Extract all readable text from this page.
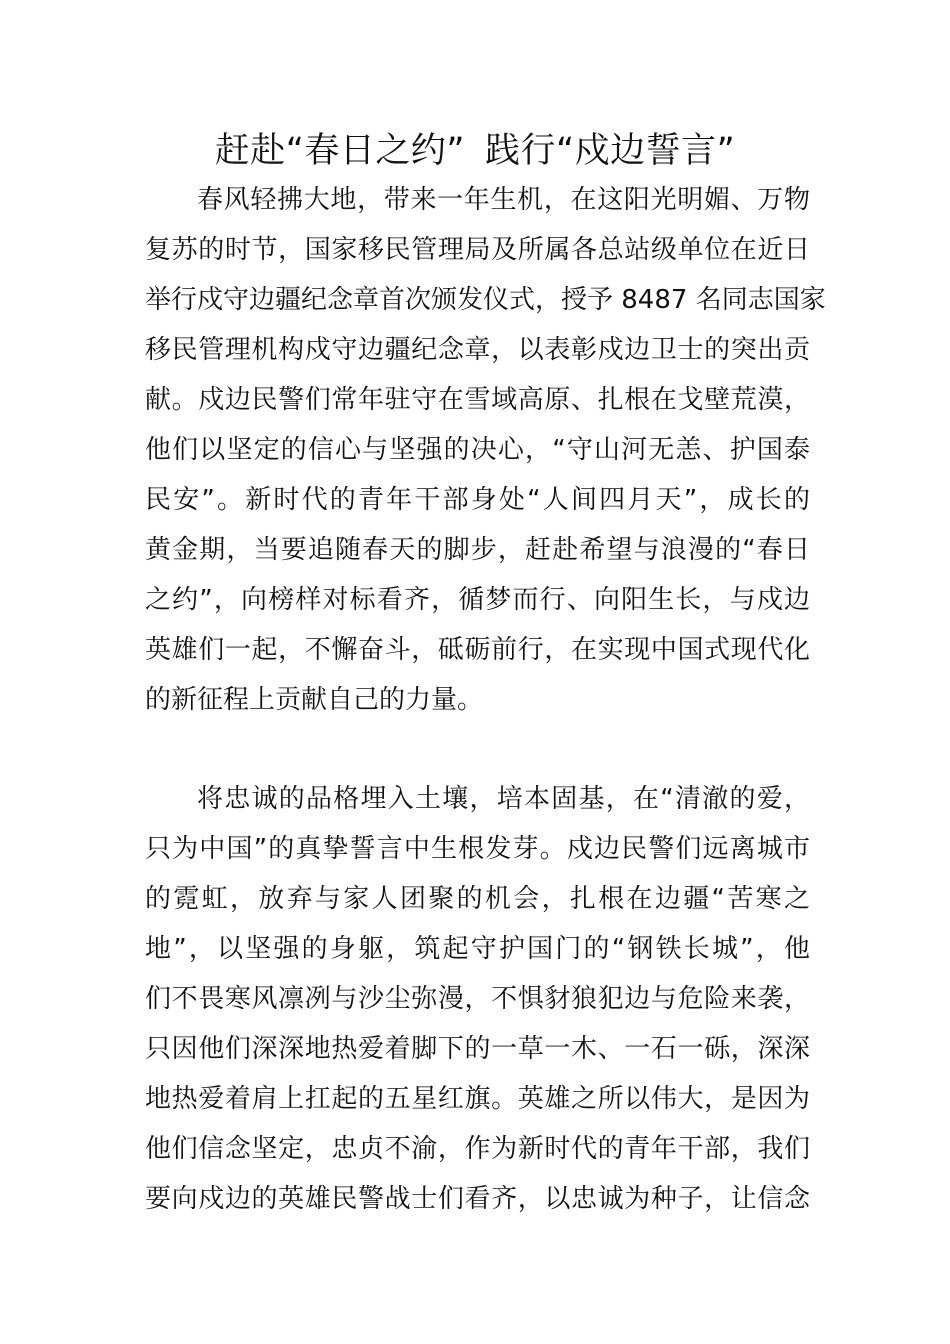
赶赴“春日之约” 践行“戍边誓言”
春风轻拂大地，带来一年生机，在这阳光明媚、万物
复苏的时节，国家移民管理局及所属各总站级单位在近日
举行戍守边疆纪念章首次颁发仪式，授予 8487 名同志国家
移民管理机构戍守边疆纪念章，以表彰戍边卫士的突出贡
献。戍边民警们常年驻守在雪域高原、扎根在戈壁荒漠，
他们以坚定的信心与坚强的决心，“守山河无恙、护国泰
民安”。新时代的青年干部身处“人间四月天”，成长的
黄金期，当要追随春天的脚步，赶赴希望与浪漫的“春日
之约”，向榜样对标看齐，循梦而行、向阳生长，与戍边
英雄们一起，不懈奋斗，砥砺前行，在实现中国式现代化
的新征程上贡献自己的力量。
将忠诚的品格埋入土壤，培本固基，在“清澈的爱，
只为中国”的真挚誓言中生根发芽。戍边民警们远离城市
的霓虹，放弃与家人团聚的机会，扎根在边疆“苦寒之
地”，以坚强的身躯，筑起守护国门的“钢铁长城”，他
们不畏寒风凛冽与沙尘弥漫，不惧豺狼犯边与危险来袭，
只因他们深深地热爱着脚下的一草一木、一石一砾，深深
地热爱着肩上扛起的五星红旗。英雄之所以伟大，是因为
他们信念坚定，忠贞不渝，作为新时代的青年干部，我们
要向戍边的英雄民警战士们看齐，以忠诚为种子，让信念
